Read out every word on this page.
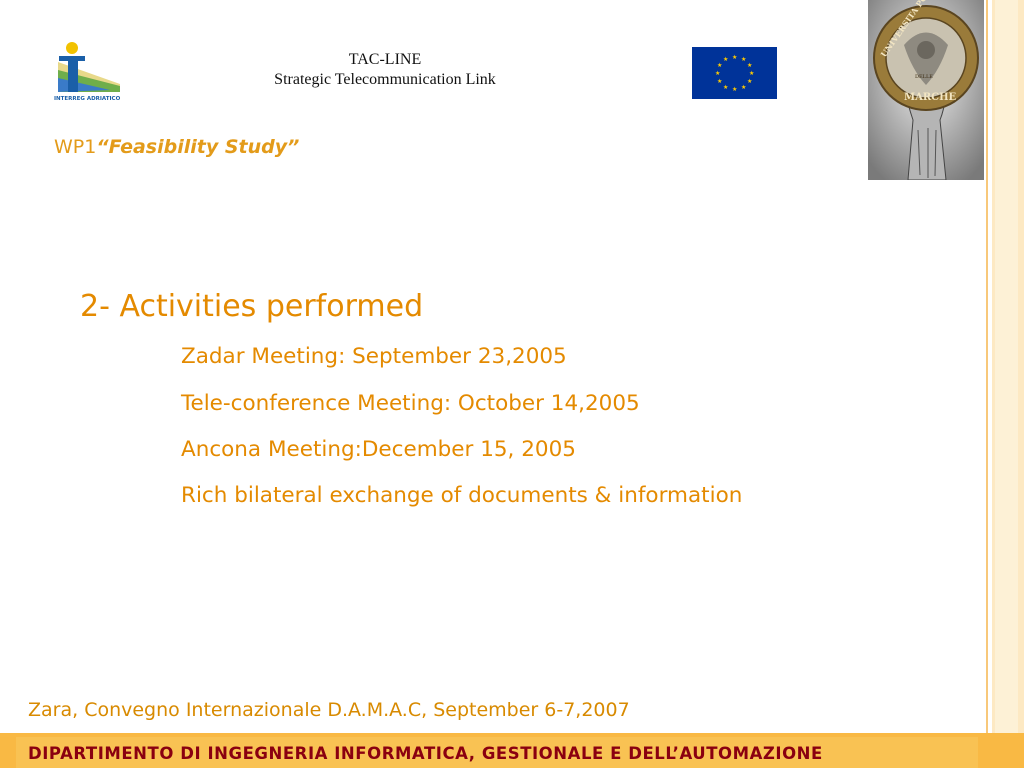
INTERREG ADRIATICO
TAC-LINE
Strategic Telecommunication Link
★ ★
★
★
★
★
★
★
★
★
★
★
UNIVERSITA
DELLE
MARCHE
WP1“Feasibility Study”
2- Activities performed
Zadar Meeting: September 23,2005
Tele-conference Meeting: October 14,2005
Ancona Meeting:December 15, 2005
Rich bilateral exchange of documents & information
Zara, Convegno Internazionale D.A.M.A.C, September 6-7,2007
DIPARTIMENTO DI INGEGNERIA INFORMATICA, GESTIONALE E DELL’AUTOMAZIONE
